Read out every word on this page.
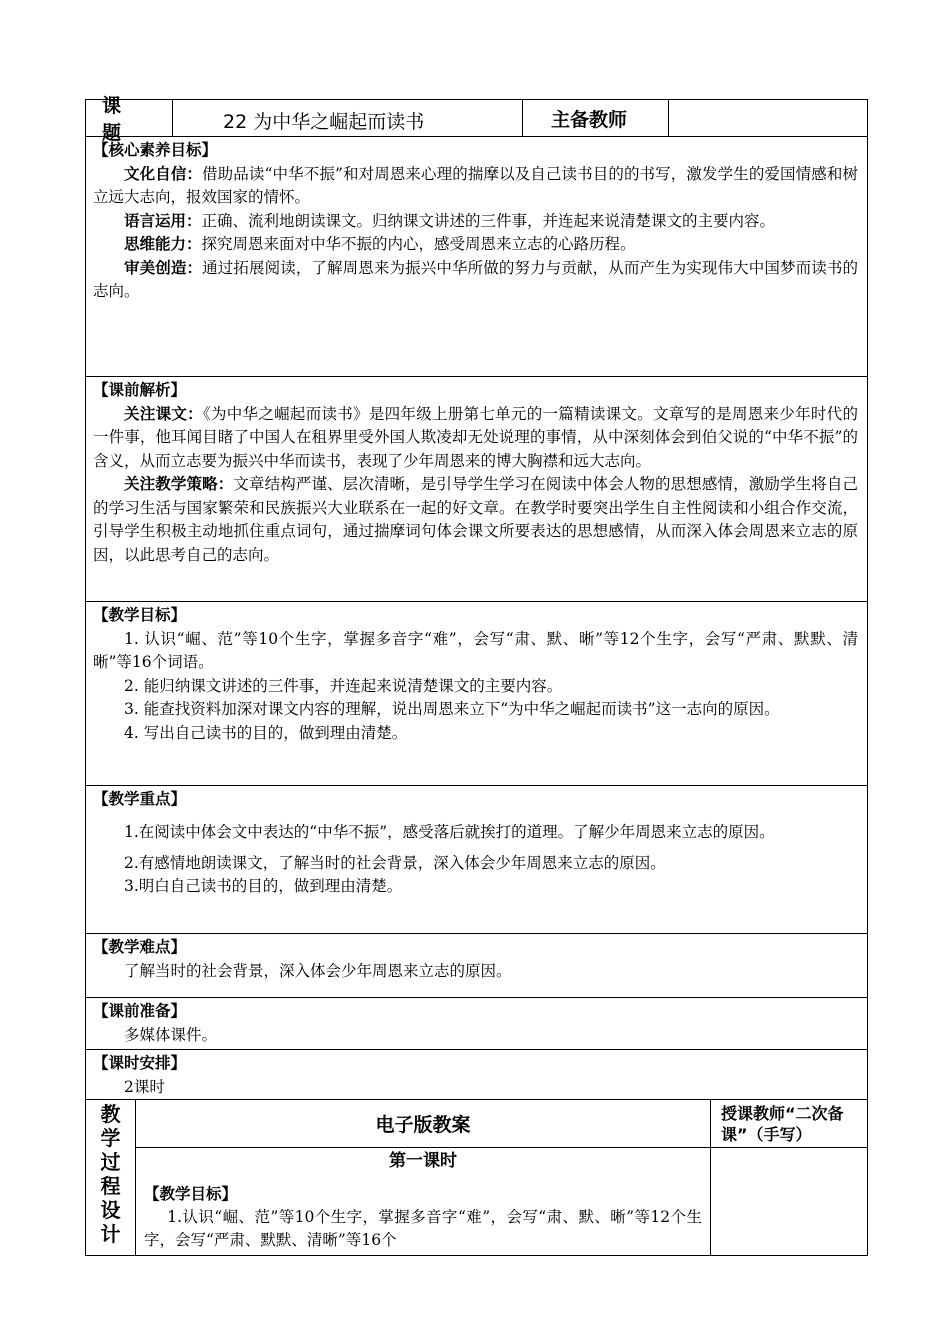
课 题
22 为中华之崛起而读书	主备教师
【核心素养目标】

文化自信：借助品读“中华不振”和对周恩来心理的揣摩以及自己读书目的的书写，激发学生的爱国情感和树立远大志向，报效国家的情怀。

语言运用：正确、流利地朗读课文。归纳课文讲述的三件事，并连起来说清楚课文的主要内容。

思维能力：探究周恩来面对中华不振的内心，感受周恩来立志的心路历程。

审美创造：通过拓展阅读，了解周恩来为振兴中华所做的努力与贡献，从而产生为实现伟大中国梦而读书的志向。

【课前解析】

关注课文：《为中华之崛起而读书》是四年级上册第七单元的一篇精读课文。文章写的是周恩来少年时代的一件事，他耳闻目睹了中国人在租界里受外国人欺凌却无处说理的事情，从中深刻体会到伯父说的“中华不振”的含义，从而立志要为振兴中华而读书，表现了少年周恩来的博大胸襟和远大志向。

关注教学策略：文章结构严谨、层次清晰，是引导学生学习在阅读中体会人物的思想感情，激励学生将自己的学习生活与国家繁荣和民族振兴大业联系在一起的好文章。在教学时要突出学生自主性阅读和小组合作交流，引导学生积极主动地抓住重点词句，通过揣摩词句体会课文所要表达的思想感情，从而深入体会周恩来立志的原因，以此思考自己的志向。

【教学目标】

1. 认识“崛、范”等10个生字，掌握多音字“难”，会写“肃、默、晰”等12个生字，会写“严肃、默默、清晰”等16个词语。

2. 能归纳课文讲述的三件事，并连起来说清楚课文的主要内容。

3. 能查找资料加深对课文内容的理解，说出周恩来立下“为中华之崛起而读书”这一志向的原因。

4. 写出自己读书的目的，做到理由清楚。

【教学重点】

1.在阅读中体会文中表达的“中华不振”，感受落后就挨打的道理。了解少年周恩来立志的原因。

2.有感情地朗读课文，了解当时的社会背景，深入体会少年周恩来立志的原因。

3.明白自己读书的目的，做到理由清楚。

【教学难点】

了解当时的社会背景，深入体会少年周恩来立志的原因。

【课前准备】

多媒体课件。

【课时安排】

2课时

教
学
过
程
设
计
电子版教案
第一课时
【教学目标】

1.认识“崛、范”等10个生字，掌握多音字“难”，会写“肃、默、晰”等12个生字，会写“严肃、默默、清晰”等16个

授课教师“二次备课”（手写）
